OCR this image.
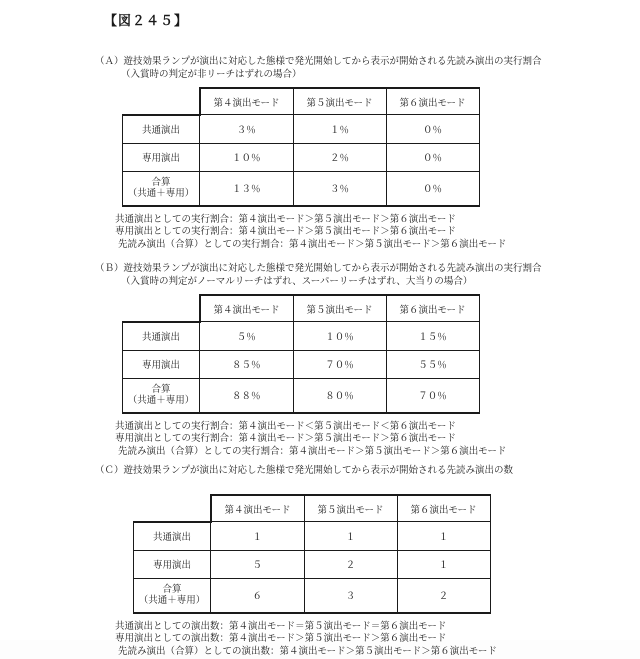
【図２４５】
（Ａ）遊技効果ランプが演出に対応した態様で発光開始してから表示が開始される先読み演出の実行割合
（入賞時の判定が非リーチはずれの場合）
	第４演出モード	第５演出モード	第６演出モード
共通演出	３％	１％	０％
専用演出	１０％	２％	０％

合算
（共通＋専用）	１３％	３％	０％
共通演出としての実行割合：第４演出モード＞第５演出モード＞第６演出モード
専用演出としての実行割合：第４演出モード＞第５演出モード＞第６演出モード
先読み演出（合算）としての実行割合：第４演出モード＞第５演出モード＞第６演出モード
（Ｂ）遊技効果ランプが演出に対応した態様で発光開始してから表示が開始される先読み演出の実行割合
（入賞時の判定がノーマルリーチはずれ、スーパーリーチはずれ、大当りの場合）
	第４演出モード	第５演出モード	第６演出モード
共通演出	５％	１０％	１５％
専用演出	８５％	７０％	５５％

合算
（共通＋専用）	８８％	８０％	７０％
共通演出としての実行割合：第４演出モード＜第５演出モード＜第６演出モード
専用演出としての実行割合：第４演出モード＞第５演出モード＞第６演出モード
先読み演出（合算）としての実行割合：第４演出モード＞第５演出モード＞第６演出モード
（Ｃ）遊技効果ランプが演出に対応した態様で発光開始してから表示が開始される先読み演出の数
	第４演出モード	第５演出モード	第６演出モード
共通演出	１	１	１
専用演出	５	２	１

合算
（共通＋専用）	６	３	２
共通演出としての演出数：第４演出モード＝第５演出モード＝第６演出モード
専用演出としての演出数：第４演出モード＞第５演出モード＞第６演出モード
先読み演出（合算）としての演出数：第４演出モード＞第５演出モード＞第６演出モード
